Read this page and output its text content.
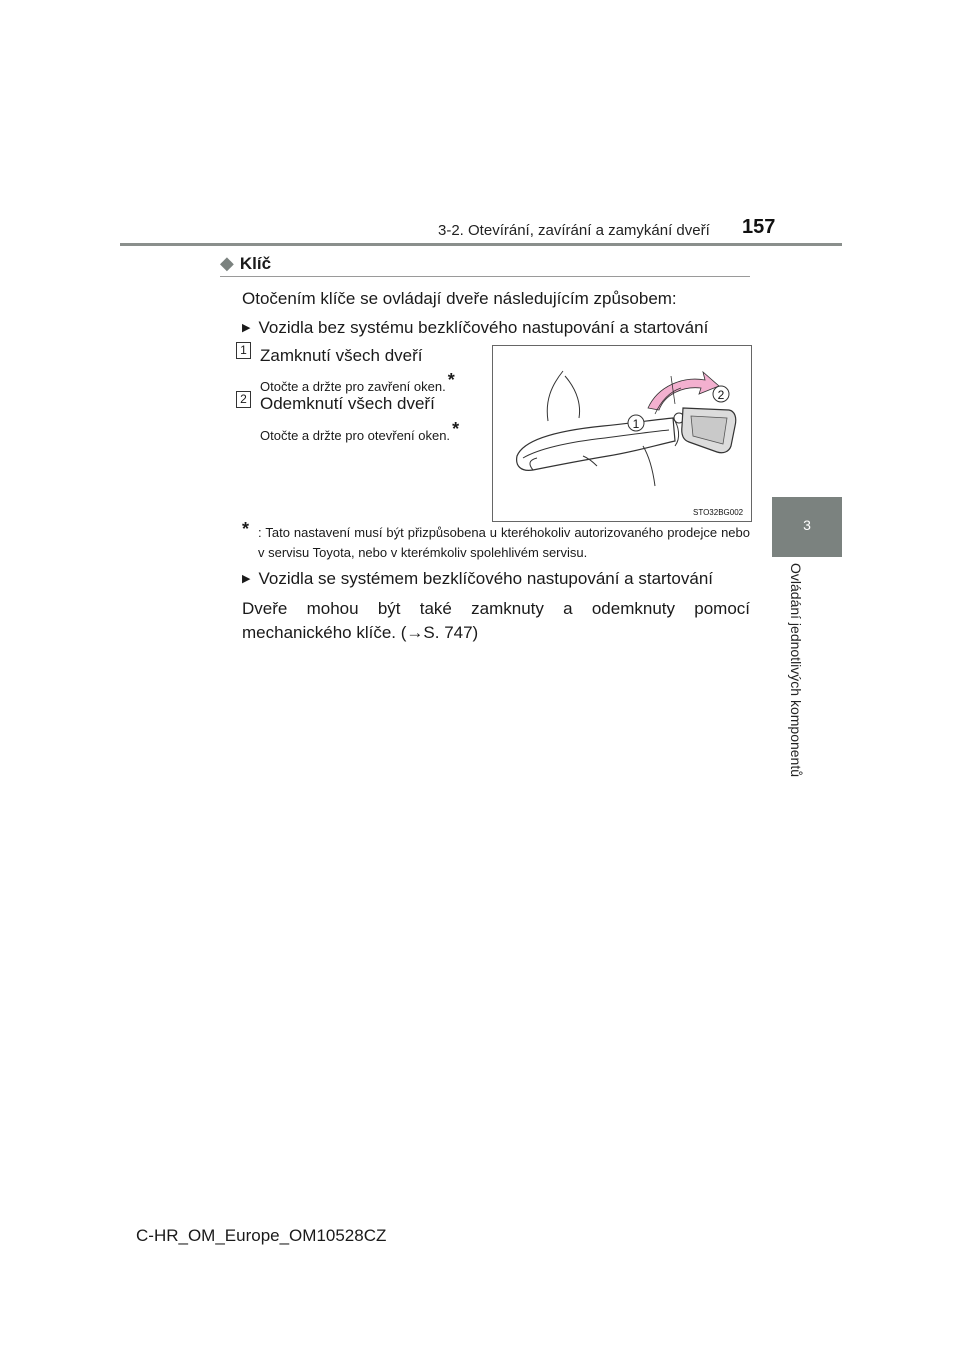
3-2. Otevírání, zavírání a zamykání dveří 157
3
Ovládání jednotlivých komponentů
◆ Klíč
Otočením klíče se ovládají dveře následujícím způsobem:
▶ Vozidla bez systému bezklíčového nastupování a startování
1 Zamknutí všech dveří
Otočte a držte pro zavření oken. *
2 Odemknutí všech dveří
Otočte a držte pro otevření oken. *	1
2
STO32BG002
* : Tato nastavení musí být přizpůsobena u kteréhokoliv autorizovaného prodejce nebo v servisu Toyota, nebo v kterémkoliv spolehlivém servisu.
▶ Vozidla se systémem bezklíčového nastupování a startování
Dveře mohou být také zamknuty a odemknuty pomocí mechanického klíče. (→S. 747)
C-HR_OM_Europe_OM10528CZ
